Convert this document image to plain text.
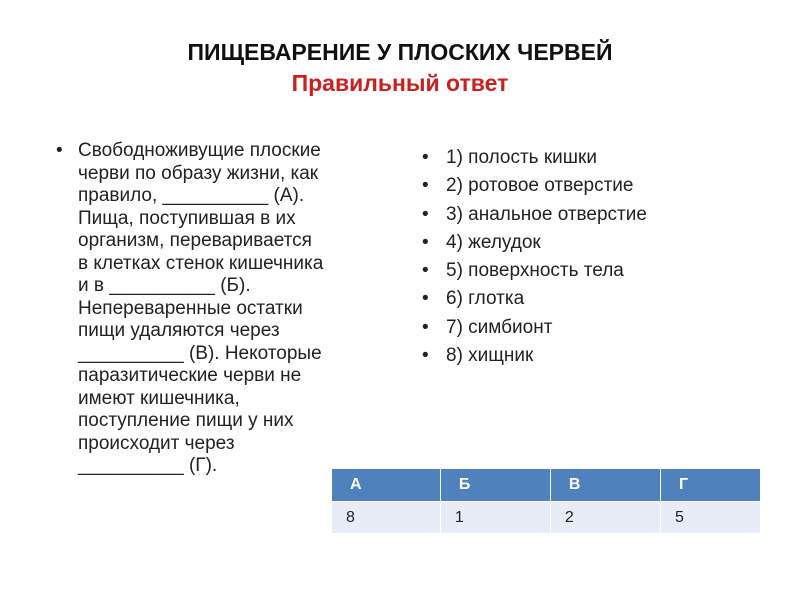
ПИЩЕВАРЕНИЕ У ПЛОСКИХ ЧЕРВЕЙ
Правильный ответ
• Свободноживущие плоские
черви по образу жизни, как
правило, __________ (А).
Пища, поступившая в их
организм, переваривается
в клетках стенок кишечника
и в __________ (Б).
Непереваренные остатки
пищи удаляются через
__________ (В). Некоторые
паразитические черви не
имеют кишечника,
поступление пищи у них
происходит через
__________ (Г).
• 1) полость кишки
• 2) ротовое отверстие
• 3) анальное отверстие
• 4) желудок
• 5) поверхность тела
• 6) глотка
• 7) симбионт
• 8) хищник
А	Б	В	Г
8	1	2	5
